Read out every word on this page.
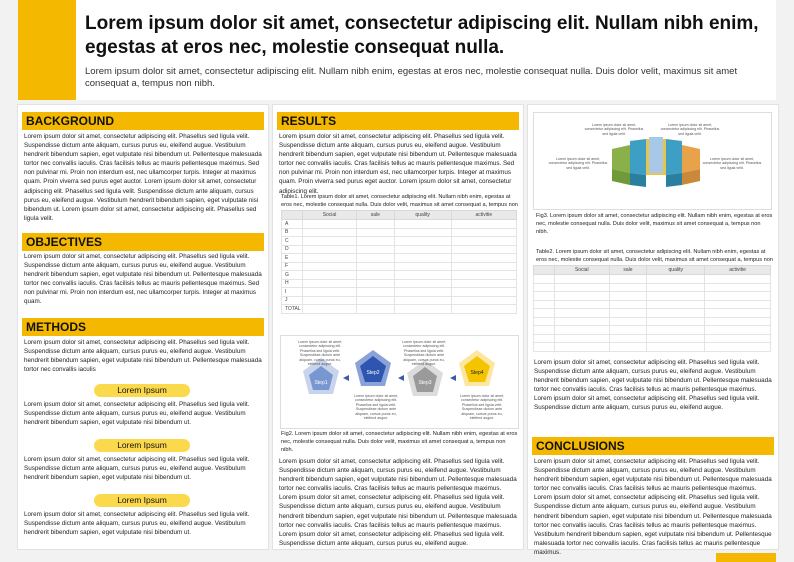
Lorem ipsum dolor sit amet, consectetur adipiscing elit. Nullam nibh enim, egestas at eros nec, molestie consequat nulla.
Lorem ipsum dolor sit amet, consectetur adipiscing elit. Nullam nibh enim, egestas at eros nec, molestie consequat nulla. Duis dolor velit, maximus sit amet consequat a, tempus non nibh.
BACKGROUND
Lorem ipsum dolor sit amet, consectetur adipiscing elit. Phasellus sed ligula velit. Suspendisse dictum ante aliquam, cursus purus eu, eleifend augue. Vestibulum hendrerit bibendum sapien, eget vulputate nisi bibendum ut. Pellentesque malesuada tortor nec convallis iaculis. Cras facilisis tellus ac mauris pellentesque maximus. Sed non pulvinar mi. Proin non interdum est, nec ullamcorper turpis. Integer at maximus quam. Proin viverra sed purus eget auctor. Lorem ipsum dolor sit amet, consectetur adipiscing elit. Phasellus sed ligula velit. Suspendisse dictum ante aliquam, cursus purus eu, eleifend augue. Vestibulum hendrerit bibendum sapien, eget vulputate nisi bibendum ut. Lorem ipsum dolor sit amet, consectetur adipiscing elit. Phasellus sed ligula velit.
OBJECTIVES
Lorem ipsum dolor sit amet, consectetur adipiscing elit. Phasellus sed ligula velit. Suspendisse dictum ante aliquam, cursus purus eu, eleifend augue. Vestibulum hendrerit bibendum sapien, eget vulputate nisi bibendum ut. Pellentesque malesuada tortor nec convallis iaculis. Cras facilisis tellus ac mauris pellentesque maximus. Sed non pulvinar mi. Proin non interdum est, nec ullamcorper turpis. Integer at maximus quam.
METHODS
Lorem ipsum dolor sit amet, consectetur adipiscing elit. Phasellus sed ligula velit. Suspendisse dictum ante aliquam, cursus purus eu, eleifend augue. Vestibulum hendrerit bibendum sapien, eget vulputate nisi bibendum ut. Pellentesque malesuada tortor nec convallis iaculis
Lorem Ipsum
Lorem ipsum dolor sit amet, consectetur adipiscing elit. Phasellus sed ligula velit. Suspendisse dictum ante aliquam, cursus purus eu, eleifend augue. Vestibulum hendrerit bibendum sapien, eget vulputate nisi bibendum ut.
Lorem Ipsum
Lorem ipsum dolor sit amet, consectetur adipiscing elit. Phasellus sed ligula velit. Suspendisse dictum ante aliquam, cursus purus eu, eleifend augue. Vestibulum hendrerit bibendum sapien, eget vulputate nisi bibendum ut.
Lorem Ipsum
Lorem ipsum dolor sit amet, consectetur adipiscing elit. Phasellus sed ligula velit. Suspendisse dictum ante aliquam, cursus purus eu, eleifend augue. Vestibulum hendrerit bibendum sapien, eget vulputate nisi bibendum ut.
RESULTS
Lorem ipsum dolor sit amet, consectetur adipiscing elit. Phasellus sed ligula velit. Suspendisse dictum ante aliquam, cursus purus eu, eleifend augue. Vestibulum hendrerit bibendum sapien, eget vulputate nisi bibendum ut. Pellentesque malesuada tortor nec convallis iaculis. Cras facilisis tellus ac mauris pellentesque maximus. Sed non pulvinar mi. Proin non interdum est, nec ullamcorper turpis. Integer at maximus quam. Proin viverra sed purus eget auctor. Lorem ipsum dolor sit amet, consectetur adipiscing elit.
Table1. Lorem ipsum dolor sit amet, consectetur adipiscing elit. Nullam nibh enim, egestas at eros nec, molestie consequat nulla. Duis dolor velit, maximus sit amet consequat a, tempus non
	Social	sale	quality	activitie
A				
B				
C				
D				
E				
F				
G				
H				
I				
J				
TOTAL				
Step1
Step2
Step3
Step4
Lorem ipsum dolor sit amet, consectetur adipiscing elit. Phasellus sed ligula velit. Suspendisse dictum ante aliquam, cursus purus eu, eleifend augue.
Lorem ipsum dolor sit amet, consectetur adipiscing elit. Phasellus sed ligula velit. Suspendisse dictum ante aliquam, cursus purus eu, eleifend augue.
Lorem ipsum dolor sit amet, consectetur adipiscing elit. Phasellus sed ligula velit. Suspendisse dictum ante aliquam, cursus purus eu, eleifend augue.
Lorem ipsum dolor sit amet, consectetur adipiscing elit. Phasellus sed ligula velit. Suspendisse dictum ante aliquam, cursus purus eu, eleifend augue.
Fig2. Lorem ipsum dolor sit amet, consectetur adipiscing elit. Nullam nibh enim, egestas at eros nec, molestie consequat nulla. Duis dolor velit, maximus sit amet consequat a, tempus non nibh.
Lorem ipsum dolor sit amet, consectetur adipiscing elit. Phasellus sed ligula velit. Suspendisse dictum ante aliquam, cursus purus eu, eleifend augue. Vestibulum hendrerit bibendum sapien, eget vulputate nisi bibendum ut. Pellentesque malesuada tortor nec convallis iaculis. Cras facilisis tellus ac mauris pellentesque maximus. Lorem ipsum dolor sit amet, consectetur adipiscing elit. Phasellus sed ligula velit. Suspendisse dictum ante aliquam, cursus purus eu, eleifend augue. Vestibulum hendrerit bibendum sapien, eget vulputate nisi bibendum ut. Pellentesque malesuada tortor nec convallis iaculis. Cras facilisis tellus ac mauris pellentesque maximus. Lorem ipsum dolor sit amet, consectetur adipiscing elit. Phasellus sed ligula velit. Suspendisse dictum ante aliquam, cursus purus eu, eleifend augue.
Lorem ipsum dolor sit amet, consectetur adipiscing elit. Phasellus sed ligula velit.
Lorem ipsum dolor sit amet, consectetur adipiscing elit. Phasellus sed ligula velit.
Lorem ipsum dolor sit amet, consectetur adipiscing elit. Phasellus sed ligula velit.
Lorem ipsum dolor sit amet, consectetur adipiscing elit. Phasellus sed ligula velit.
Fig3. Lorem ipsum dolor sit amet, consectetur adipiscing elit. Nullam nibh enim, egestas at eros nec, molestie consequat nulla. Duis dolor velit, maximus sit amet consequat a, tempus non nibh.
Table2. Lorem ipsum dolor sit amet, consectetur adipiscing elit. Nullam nibh enim, egestas at eros nec, molestie consequat nulla. Duis dolor velit, maximus sit amet consequat a, tempus non
	Social	sale	quality	activitie

Lorem ipsum dolor sit amet, consectetur adipiscing elit. Phasellus sed ligula velit. Suspendisse dictum ante aliquam, cursus purus eu, eleifend augue. Vestibulum hendrerit bibendum sapien, eget vulputate nisi bibendum ut. Pellentesque malesuada tortor nec convallis iaculis. Cras facilisis tellus ac mauris pellentesque maximus. Lorem ipsum dolor sit amet, consectetur adipiscing elit. Phasellus sed ligula velit. Suspendisse dictum ante aliquam, cursus purus eu, eleifend augue.
CONCLUSIONS
Lorem ipsum dolor sit amet, consectetur adipiscing elit. Phasellus sed ligula velit. Suspendisse dictum ante aliquam, cursus purus eu, eleifend augue. Vestibulum hendrerit bibendum sapien, eget vulputate nisi bibendum ut. Pellentesque malesuada tortor nec convallis iaculis. Cras facilisis tellus ac mauris pellentesque maximus. Lorem ipsum dolor sit amet, consectetur adipiscing elit. Phasellus sed ligula velit. Suspendisse dictum ante aliquam, cursus purus eu, eleifend augue. Vestibulum hendrerit bibendum sapien, eget vulputate nisi bibendum ut. Pellentesque malesuada tortor nec convallis iaculis. Cras facilisis tellus ac mauris pellentesque maximus. Vestibulum hendrerit bibendum sapien, eget vulputate nisi bibendum ut. Pellentesque malesuada tortor nec convallis iaculis. Cras facilisis tellus ac mauris pellentesque maximus.
